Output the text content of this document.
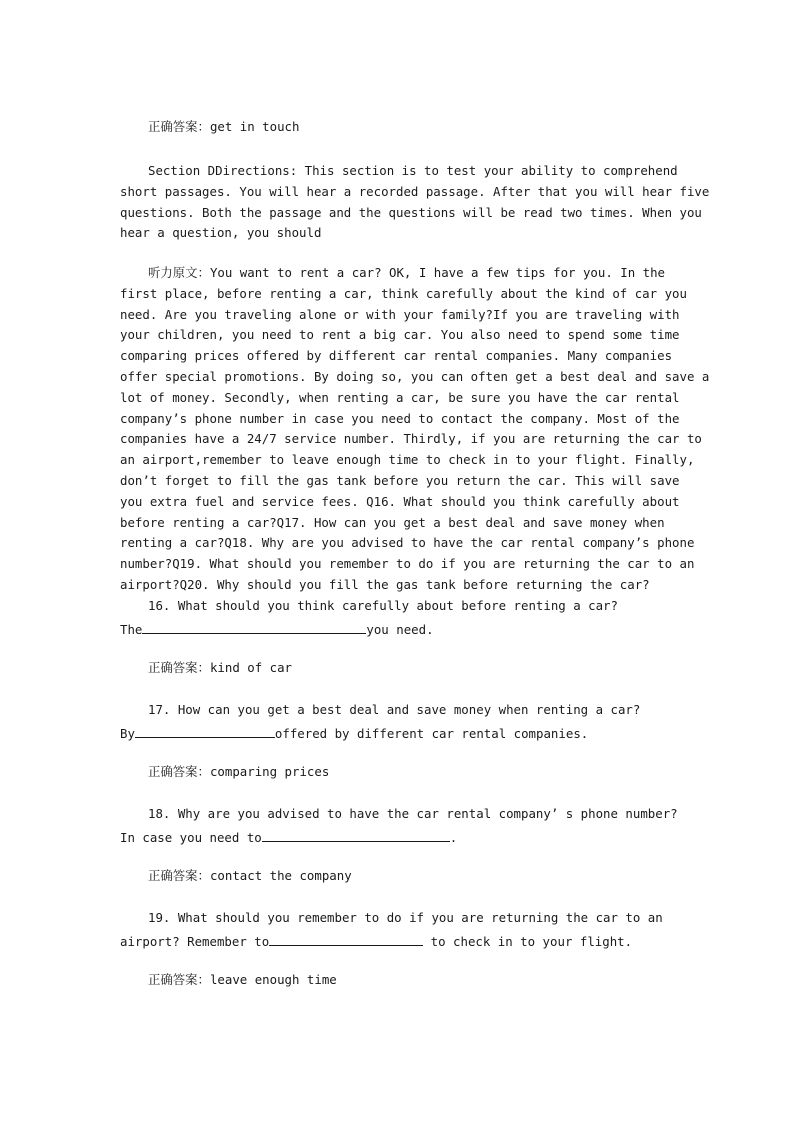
正确答案：get in touch
Section DDirections: This section is to test your ability to comprehend
short passages. You will hear a recorded passage. After that you will hear five
questions. Both the passage and the questions will be read two times. When you
hear a question, you should
听力原文：You want to rent a car? OK, I have a few tips for you. In the
first place, before renting a car, think carefully about the kind of car you
need. Are you traveling alone or with your family?If you are traveling with
your children, you need to rent a big car. You also need to spend some time
comparing prices offered by different car rental companies. Many companies
offer special promotions. By doing so, you can often get a best deal and save a
lot of money. Secondly, when renting a car, be sure you have the car rental
company’s phone number in case you need to contact the company. Most of the
companies have a 24/7 service number. Thirdly, if you are returning the car to
an airport,remember to leave enough time to check in to your flight. Finally,
don’t forget to fill the gas tank before you return the car. This will save
you extra fuel and service fees. Q16. What should you think carefully about
before renting a car?Q17. How can you get a best deal and save money when
renting a car?Q18. Why are you advised to have the car rental company’s phone
number?Q19. What should you remember to do if you are returning the car to an
airport?Q20. Why should you fill the gas tank before returning the car?
16. What should you think carefully about before renting a car?
The	you need.
正确答案：kind of car
17. How can you get a best deal and save money when renting a car?
By	offered by different car rental companies.
正确答案：comparing prices
18. Why are you advised to have the car rental company’ s phone number?
In case you need to	.
正确答案：contact the company
19. What should you remember to do if you are returning the car to an
airport? Remember to	to check in to your flight.
正确答案：leave enough time
